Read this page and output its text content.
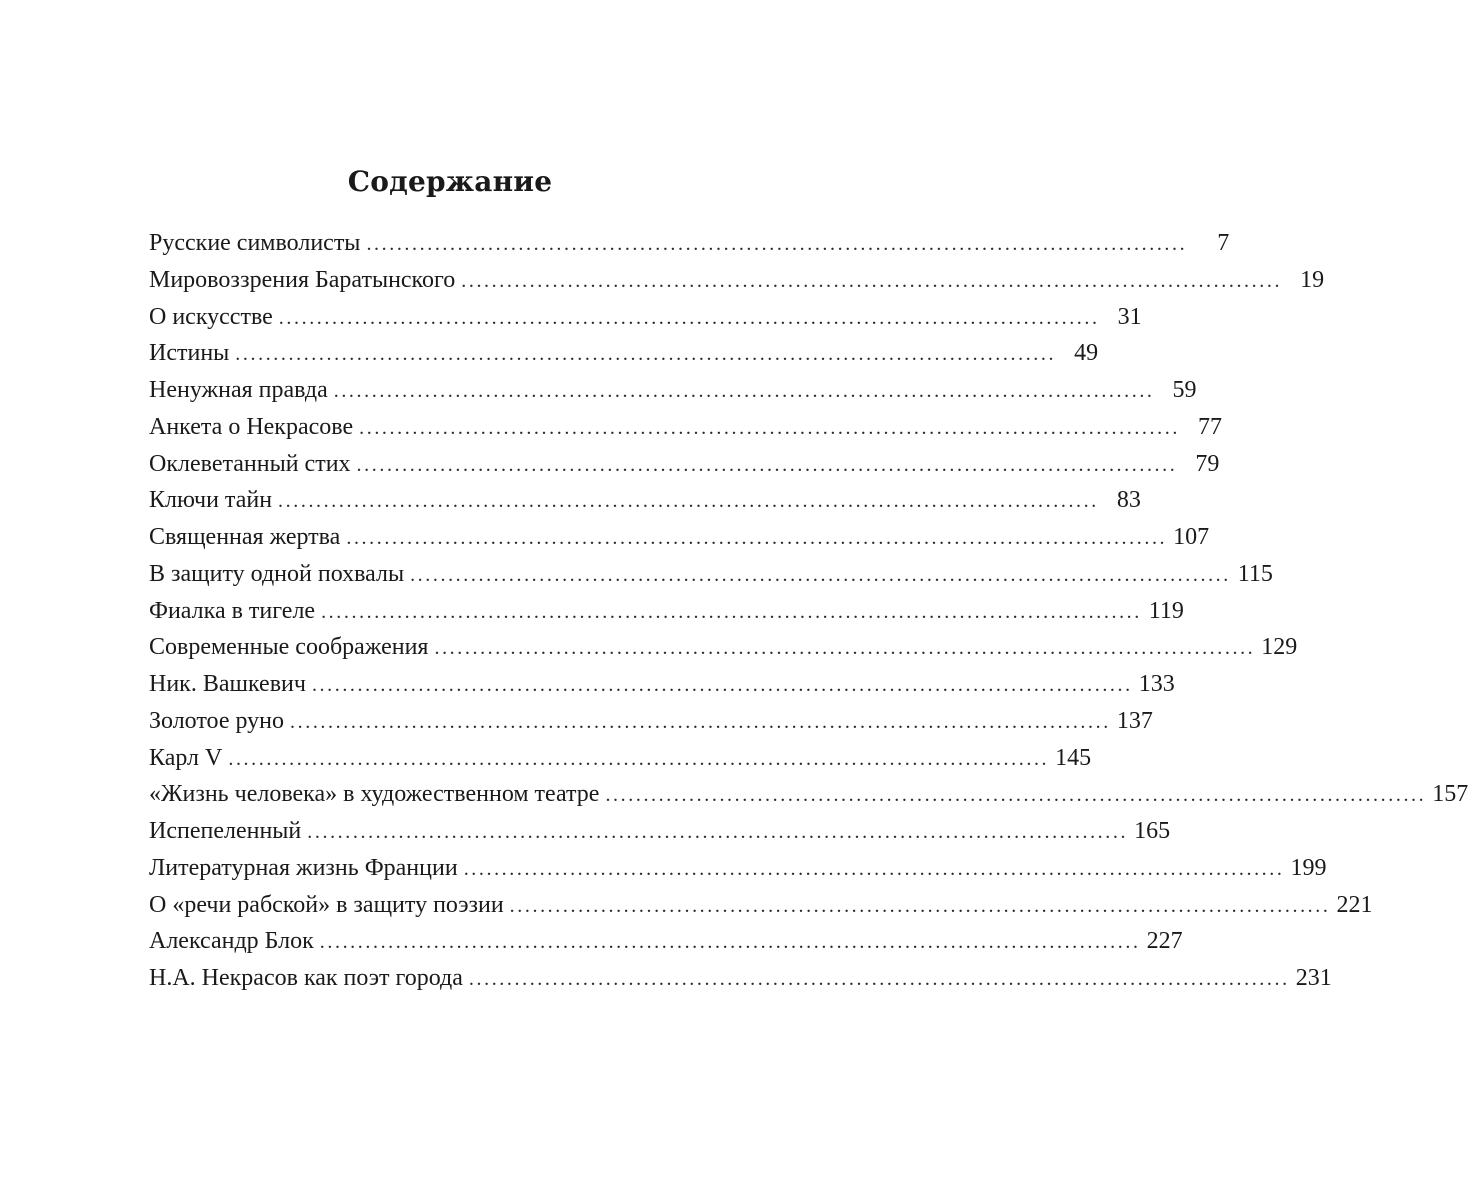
Содержание
Русские символисты ............................................................................................................	7
Мировоззрения Баратынского ............................................................................................................ 19
О искусстве ............................................................................................................ 31
Истины ............................................................................................................ 49
Ненужная правда ............................................................................................................ 59
Анкета о Некрасове ............................................................................................................ 77
Оклеветанный стих ............................................................................................................ 79
Ключи тайн ............................................................................................................ 83
Священная жертва ............................................................................................................ 107
В защиту одной похвалы ............................................................................................................ 115
Фиалка в тигеле ............................................................................................................ 119
Современные соображения ............................................................................................................ 129
Ник. Вашкевич ............................................................................................................ 133
Золотое руно ............................................................................................................ 137
Карл V ............................................................................................................ 145
«Жизнь человека» в художественном театре ............................................................................................................ 157
Испепеленный ............................................................................................................ 165
Литературная жизнь Франции ............................................................................................................ 199
О «речи рабской» в защиту поэзии ............................................................................................................ 221
Александр Блок ............................................................................................................ 227
Н.А. Некрасов как поэт города ............................................................................................................ 231
